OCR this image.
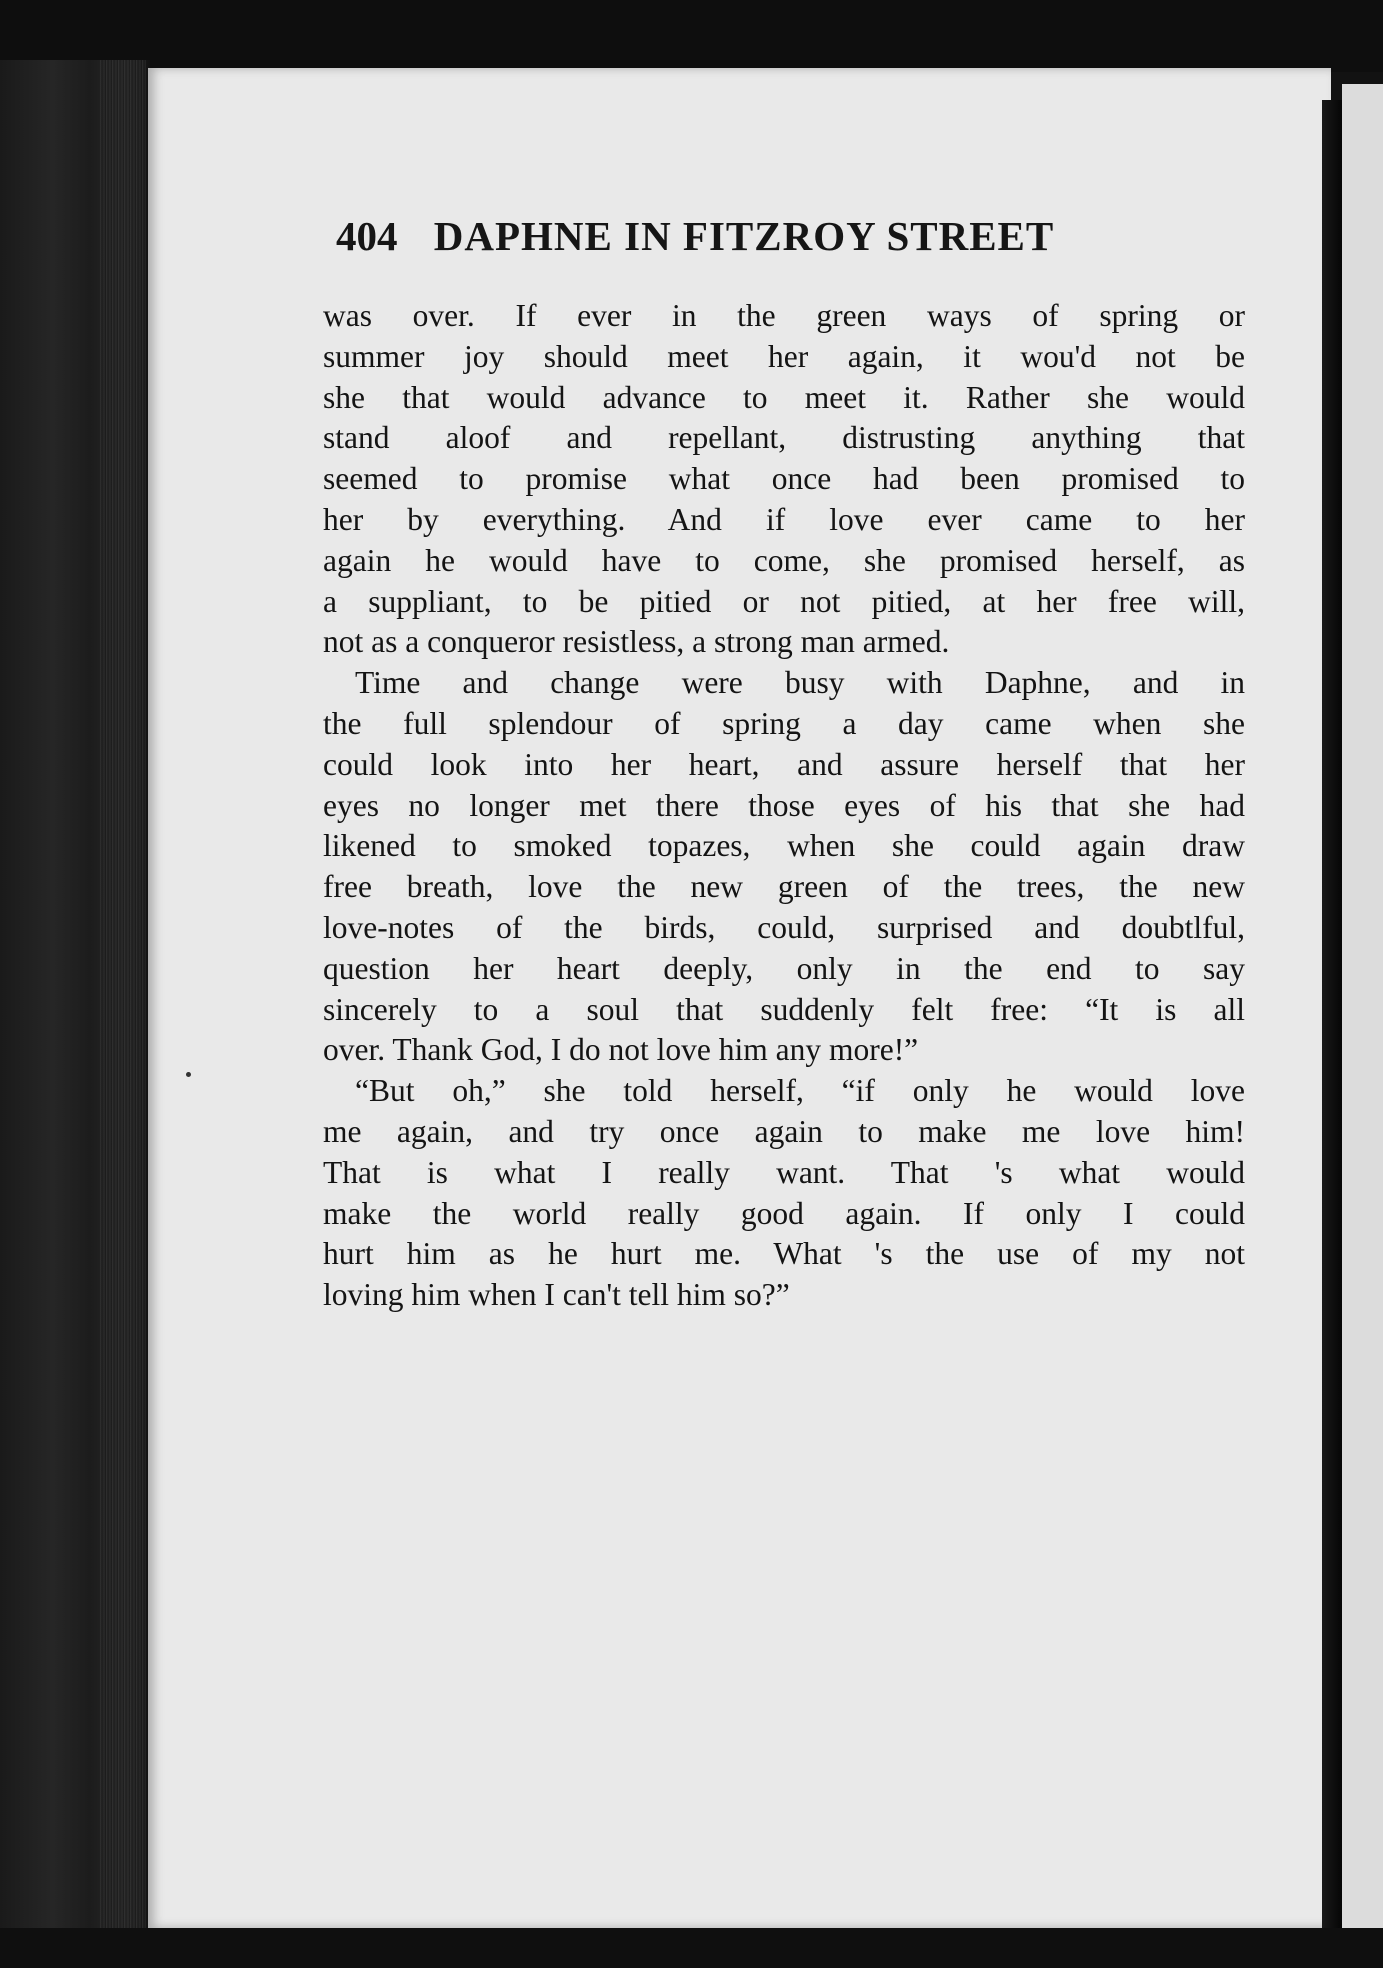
404 DAPHNE IN FITZROY STREET
was over. If ever in the green ways of spring or
summer joy should meet her again, it wou'd not be
she that would advance to meet it. Rather she would
stand aloof and repellant, distrusting anything that
seemed to promise what once had been promised to
her by everything. And if love ever came to her
again he would have to come, she promised herself, as
a suppliant, to be pitied or not pitied, at her free will,
not as a conqueror resistless, a strong man armed.
Time and change were busy with Daphne, and in
the full splendour of spring a day came when she
could look into her heart, and assure herself that her
eyes no longer met there those eyes of his that she had
likened to smoked topazes, when she could again draw
free breath, love the new green of the trees, the new
love-notes of the birds, could, surprised and doubtlful,
question her heart deeply, only in the end to say
sincerely to a soul that suddenly felt free: “It is all
over. Thank God, I do not love him any more!”
“But oh,” she told herself, “if only he would love
me again, and try once again to make me love him!
That is what I really want. That 's what would
make the world really good again. If only I could
hurt him as he hurt me. What 's the use of my not
loving him when I can't tell him so?”
